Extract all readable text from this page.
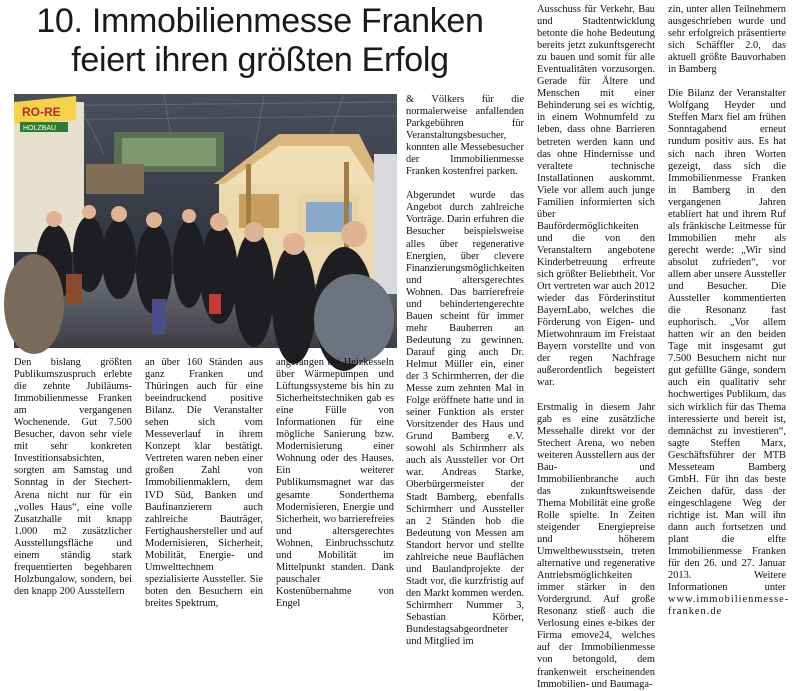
10. Immobilienmesse Franken
feiert ihren größten Erfolg
RO-RE
HOLZBAU

Den bislang größten Publikumszuspruch erlebte die zehnte Jubiläums-Immobilienmesse Franken am vergangenen Wochenende. Gut 7.500 Besucher, davon sehr viele mit sehr konkreten Investitionsabsichten, sorgten am Samstag und Sonntag in der Stechert-Arena nicht nur für ein „volles Haus“, eine volle Zusatzhalle mit knapp 1.000 m2 zusätzlicher Ausstellungsfläche und einem ständig stark frequentierten begehbaren Holzbungalow, sondern, bei den knapp 200 Ausstellern

an über 160 Ständen aus ganz Franken und Thüringen auch für eine beeindruckend positive Bilanz. Die Veranstalter sehen sich vom Messeverlauf in ihrem Konzept klar bestätigt. Vertreten waren neben einer großen Zahl von Immobilienmaklern, dem IVD Süd, Banken und Baufinanzierern auch zahlreiche Bauträger, Fertighaushersteller und auf Modernisieren, Sicherheit, Mobilität, Energie- und Umwelttechnem spezialisierte Aussteller. Sie boten den Besuchern ein breites Spektrum,

angefangen bei Heizkesseln über Wärmepumpen und Lüftungssysteme bis hin zu Sicherheitstechniken gab es eine Fülle von Informationen für eine mögliche Sanierung bzw. Modernisierung einer Wohnung oder des Hauses. Ein weiterer Publikumsmagnet war das gesamte Sonderthema Modernisieren, Energie und Sicherheit, wo barrierefreies und altersgerechtes Wohnen, Einbruchsschutz und Mobilität im Mittelpunkt standen. Dank pauschaler Kostenübernahme von Engel

& Völkers für die normalerweise anfallenden Parkgebühren für Veranstaltungsbesucher, konnten alle Messebesucher der Immobilienmesse Franken kostenfrei parken.

Abgerundet wurde das Angebot durch zahlreiche Vorträge. Darin erfuhren die Besucher beispielsweise alles über regenerative Energien, über clevere Finanzierungsmöglichkeiten und altersgerechtes Wohnen. Das barrierefreie und behindertengerechte Bauen scheint für immer mehr Bauherren an Bedeutung zu gewinnen. Darauf ging auch Dr. Helmut Müller ein, einer der 3 Schirmherren, der die Messe zum zehnten Mal in Folge eröffnete hatte und in seiner Funktion als erster Vorsitzender des Haus und Grund Bamberg e.V. sowohl als Schirmherr als auch als Aussteller vor Ort war. Andreas Starke, Oberbürgermeister der Stadt Bamberg, ebenfalls Schirmherr und Aussteller an 2 Ständen hob die Bedeutung von Messen am Standort hervor und stellte zahlreiche neue Bauflächen und Baulandprojekte der Stadt vor, die kurzfristig auf den Markt kommen werden. Schirmherr Nummer 3, Sebastian Körber, Bundestagsabgeordneter und Mitglied im

Ausschuss für Verkehr, Bau und Stadtentwicklung betonte die hohe Bedeutung bereits jetzt zukunftsgerecht zu bauen und somit für alle Eventualitäten vorzusorgen. Gerade für Ältere und Menschen mit einer Behinderung sei es wichtig, in einem Wohnumfeld zu leben, dass ohne Barrieren betreten werden kann und das ohne Hindernisse und veraltete technische Installationen auskommt. Viele vor allem auch junge Familien informierten sich über Baufördermöglichkeiten und die von den Veranstaltern angebotene Kinderbetreuung erfreute sich größter Beliebtheit. Vor Ort vertreten war auch 2012 wieder das Förderinstitut BayernLabo, welches die Förderung von Eigen- und Mietwohnraum im Freistaat Bayern vorstellte und von der regen Nachfrage außerordentlich begeistert war.

Erstmalig in diesem Jahr gab es eine zusätzliche Messehalle direkt vor der Stechert Arena, wo neben weiteren Ausstellern aus der Bau- und Immobilienbranche auch das zukunftsweisende Thema Mobilität eine große Rolle spielte. In Zeiten steigender Energiepreise und höherem Umweltbewusstsein, treten alternative und regenerative Antriebsmöglichkeiten immer stärker in den Vordergrund. Auf große Resonanz stieß auch die Verlosung eines e-bikes der Firma emove24, welches auf der Immobilienmesse von betongold, dem frankenweit erscheinenden Immobilien- und Baumaga-

zin, unter allen Teilnehmern ausgeschrieben wurde und sehr erfolgreich präsentierte sich Schäffler 2.0, das aktuell größte Bauvorhaben in Bamberg

Die Bilanz der Veranstalter Wolfgang Heyder und Steffen Marx fiel am frühen Sonntagabend erneut rundum positiv aus. Es hat sich nach ihren Worten gezeigt, dass sich die Immobilienmesse Franken in Bamberg in den vergangenen Jahren etabliert hat und ihrem Ruf als fränkische Leitmesse für Immobilien mehr als gerecht werde: „Wir sind absolut zufrieden“, vor allem aber unsere Aussteller und Besucher. Die Aussteller kommentierten die Resonanz fast euphorisch. „Vor allem hatten wir an den beiden Tage mit insgesamt gut 7.500 Besuchern nicht nur gut gefüllte Gänge, sondern auch ein qualitativ sehr hochwertiges Publikum, das sich wirklich für das Thema interessierte und bereit ist, demnächst zu investieren“, sagte Steffen Marx, Geschäftsführer der MTB Messeteam Bamberg GmbH. Für ihn das beste Zeichen dafür, dass der eingeschlagene Weg der richtige ist. Man will ihn dann auch fortsetzen und plant die elfte Immobilienmesse Franken für den 26. und 27. Januar 2013. Weitere Informationen unter www.immobilienmesse-franken.de
